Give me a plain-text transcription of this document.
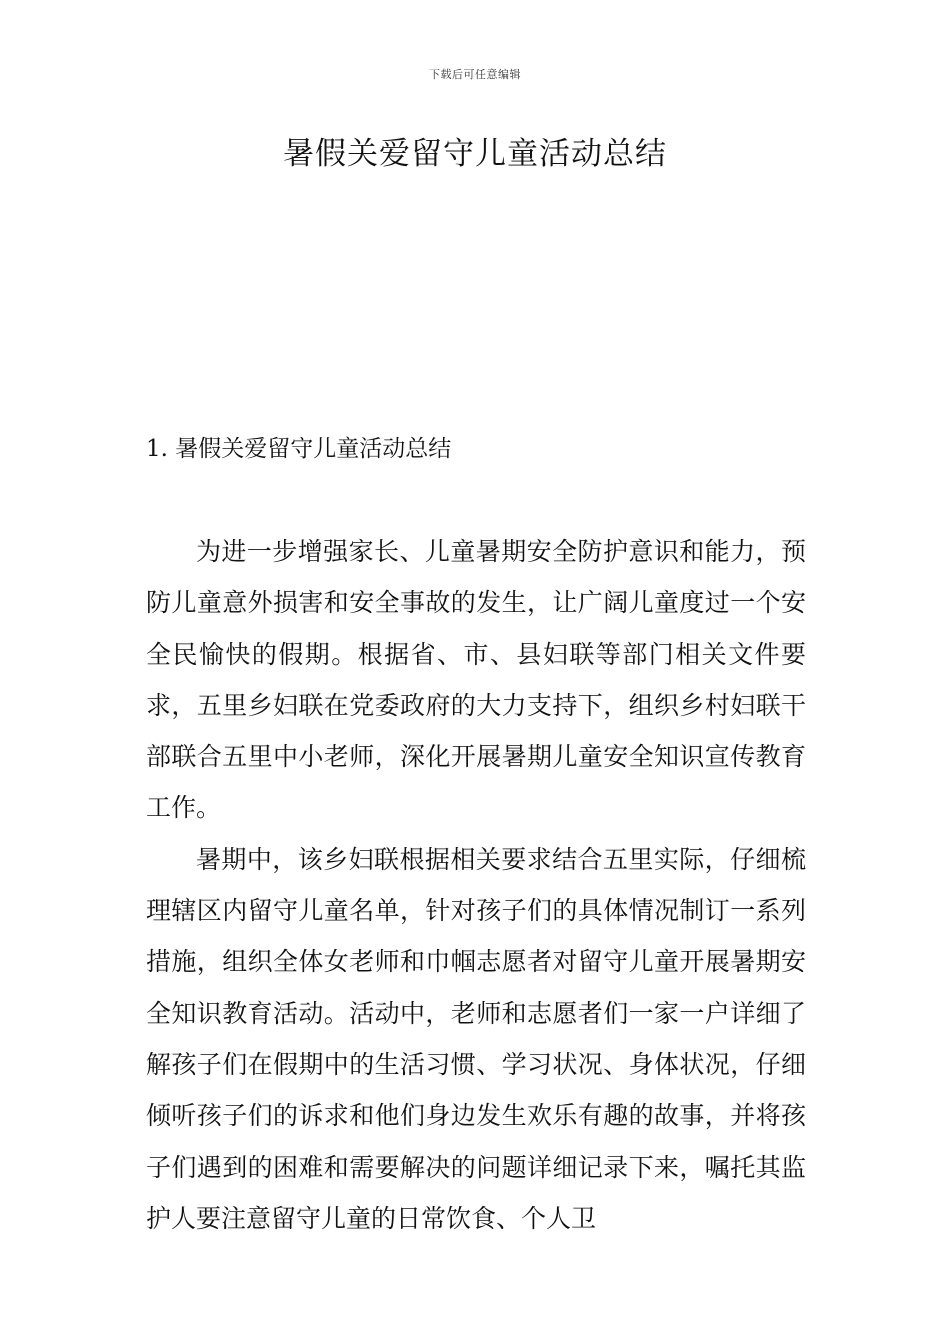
下载后可任意编辑
暑假关爱留守儿童活动总结
1. 暑假关爱留守儿童活动总结

为进一步增强家长、儿童暑期安全防护意识和能力，预防儿童意外损害和安全事故的发生，让广阔儿童度过一个安全民愉快的假期。根据省、市、县妇联等部门相关文件要求，五里乡妇联在党委政府的大力支持下，组织乡村妇联干部联合五里中小老师，深化开展暑期儿童安全知识宣传教育工作。

暑期中，该乡妇联根据相关要求结合五里实际，仔细梳理辖区内留守儿童名单，针对孩子们的具体情况制订一系列措施，组织全体女老师和巾帼志愿者对留守儿童开展暑期安全知识教育活动。活动中，老师和志愿者们一家一户详细了解孩子们在假期中的生活习惯、学习状况、身体状况，仔细倾听孩子们的诉求和他们身边发生欢乐有趣的故事，并将孩子们遇到的困难和需要解决的问题详细记录下来，嘱托其监护人要注意留守儿童的日常饮食、个人卫
